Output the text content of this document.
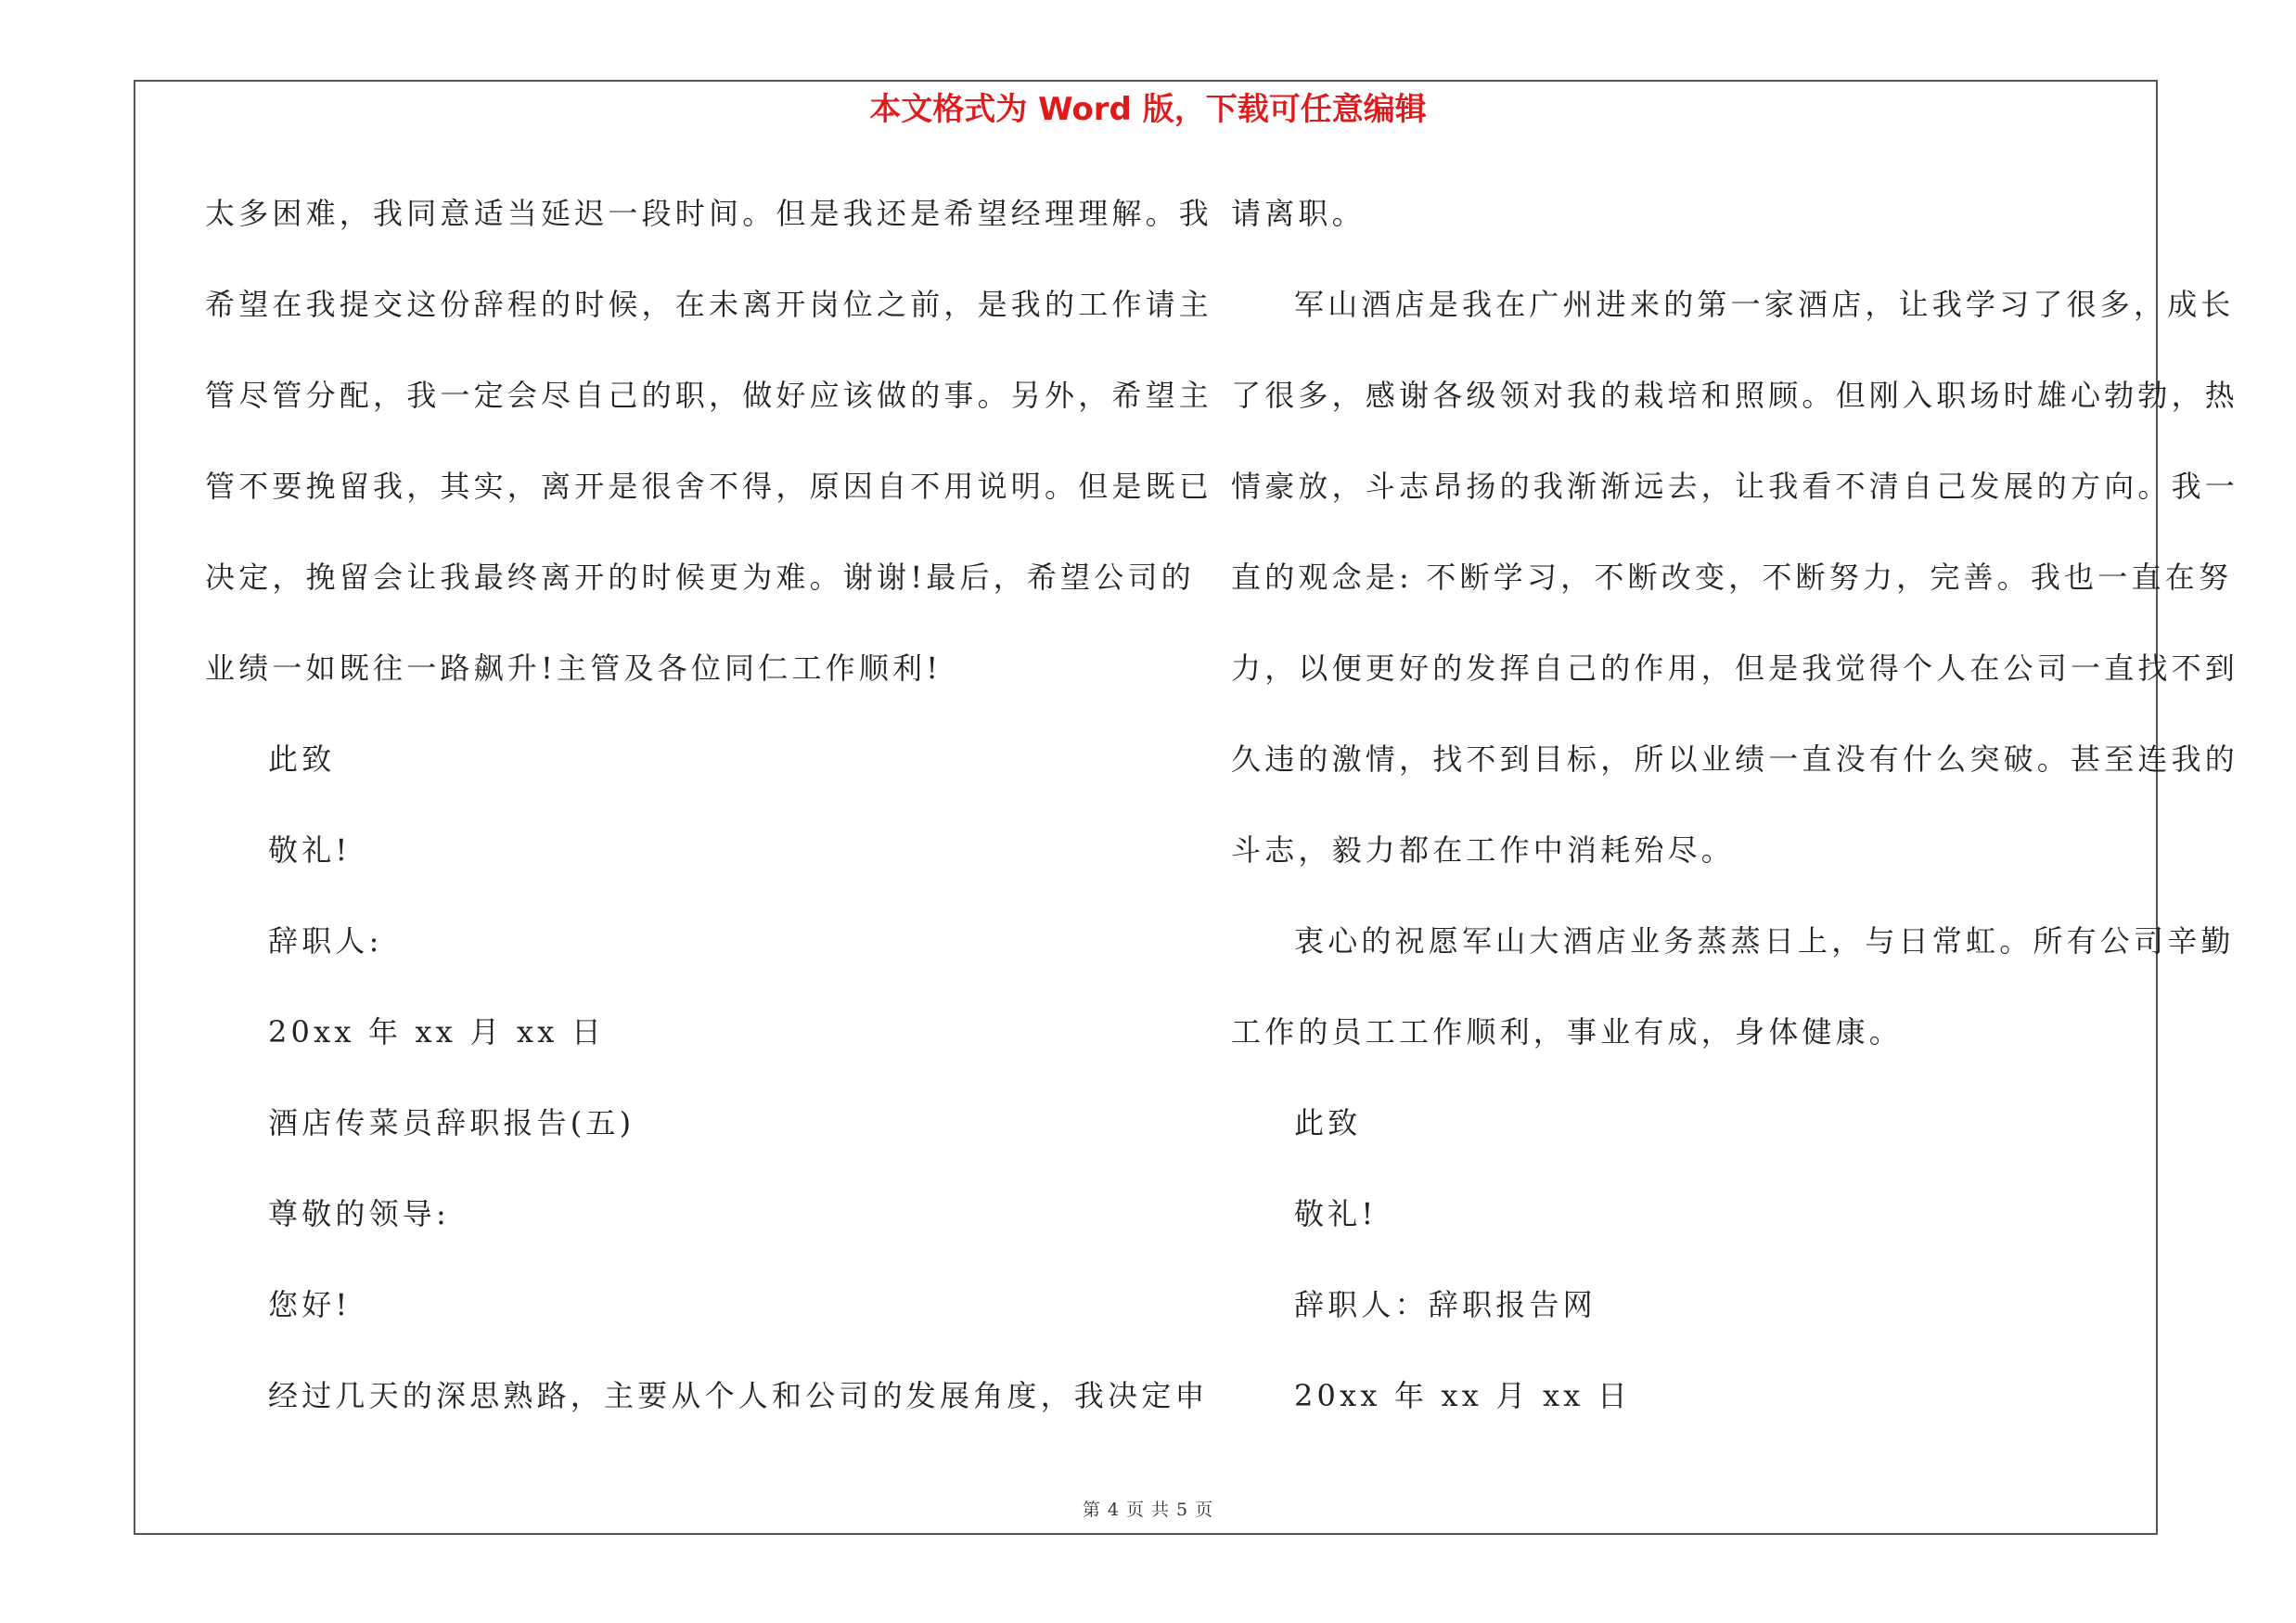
本文格式为 Word 版，下载可任意编辑
太多困难，我同意适当延迟一段时间。但是我还是希望经理理解。我
希望在我提交这份辞程的时候，在未离开岗位之前，是我的工作请主
管尽管分配，我一定会尽自己的职，做好应该做的事。另外，希望主
管不要挽留我，其实，离开是很舍不得，原因自不用说明。但是既已
决定，挽留会让我最终离开的时候更为难。谢谢!最后，希望公司的
业绩一如既往一路飙升!主管及各位同仁工作顺利!
此致
敬礼!
辞职人:
20xx 年 xx 月 xx 日
酒店传菜员辞职报告(五)
尊敬的领导:
您好!
经过几天的深思熟路，主要从个人和公司的发展角度，我决定申
请离职。
军山酒店是我在广州进来的第一家酒店，让我学习了很多，成长
了很多，感谢各级领对我的栽培和照顾。但刚入职场时雄心勃勃，热
情豪放，斗志昂扬的我渐渐远去，让我看不清自己发展的方向。我一
直的观念是: 不断学习，不断改变，不断努力，完善。我也一直在努
力，以便更好的发挥自己的作用，但是我觉得个人在公司一直找不到
久违的激情，找不到目标，所以业绩一直没有什么突破。甚至连我的
斗志，毅力都在工作中消耗殆尽。
衷心的祝愿军山大酒店业务蒸蒸日上，与日常虹。所有公司辛勤
工作的员工工作顺利，事业有成，身体健康。
此致
敬礼!
辞职人：辞职报告网
20xx 年 xx 月 xx 日
第 4 页 共 5 页
